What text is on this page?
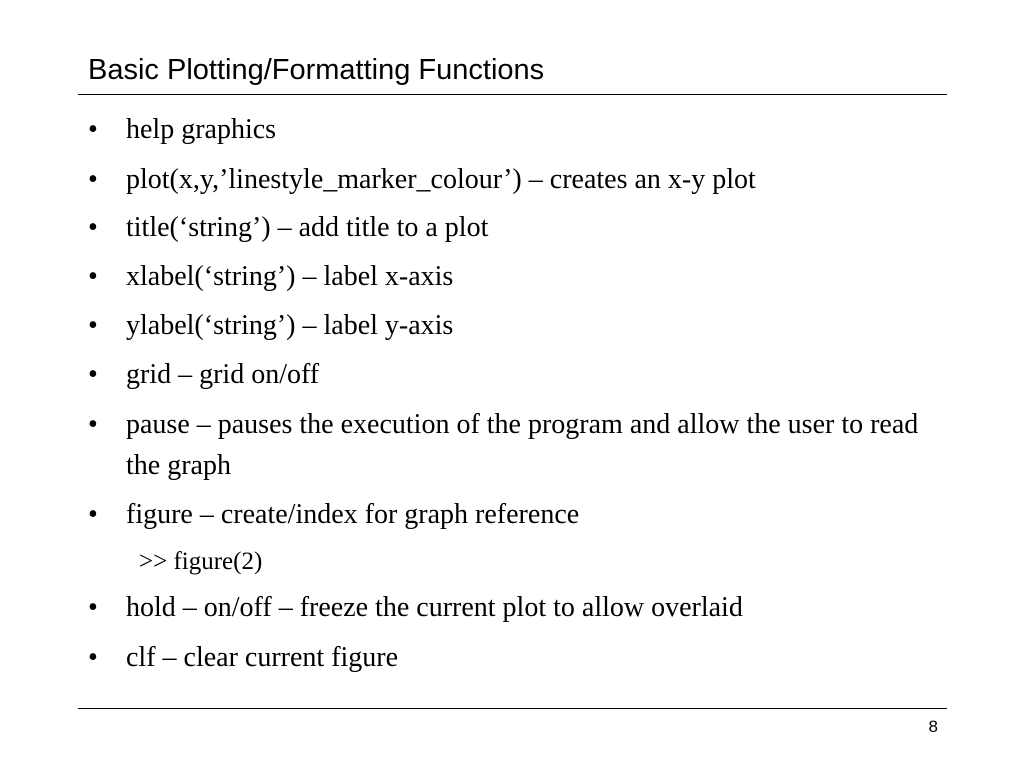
Basic Plotting/Formatting Functions
•	help graphics
•	plot(x,y,’linestyle_marker_colour’) – creates an x-y plot
•	title(‘string’) – add title to a plot
•	xlabel(‘string’) – label x-axis
•	ylabel(‘string’) – label y-axis
•	grid – grid on/off
•	pause – pauses the execution of the program and allow the user to read the graph
•	figure – create/index for graph reference
•	hold – on/off – freeze the current plot to allow overlaid
•	clf – clear current figure

>> figure(2)

8
